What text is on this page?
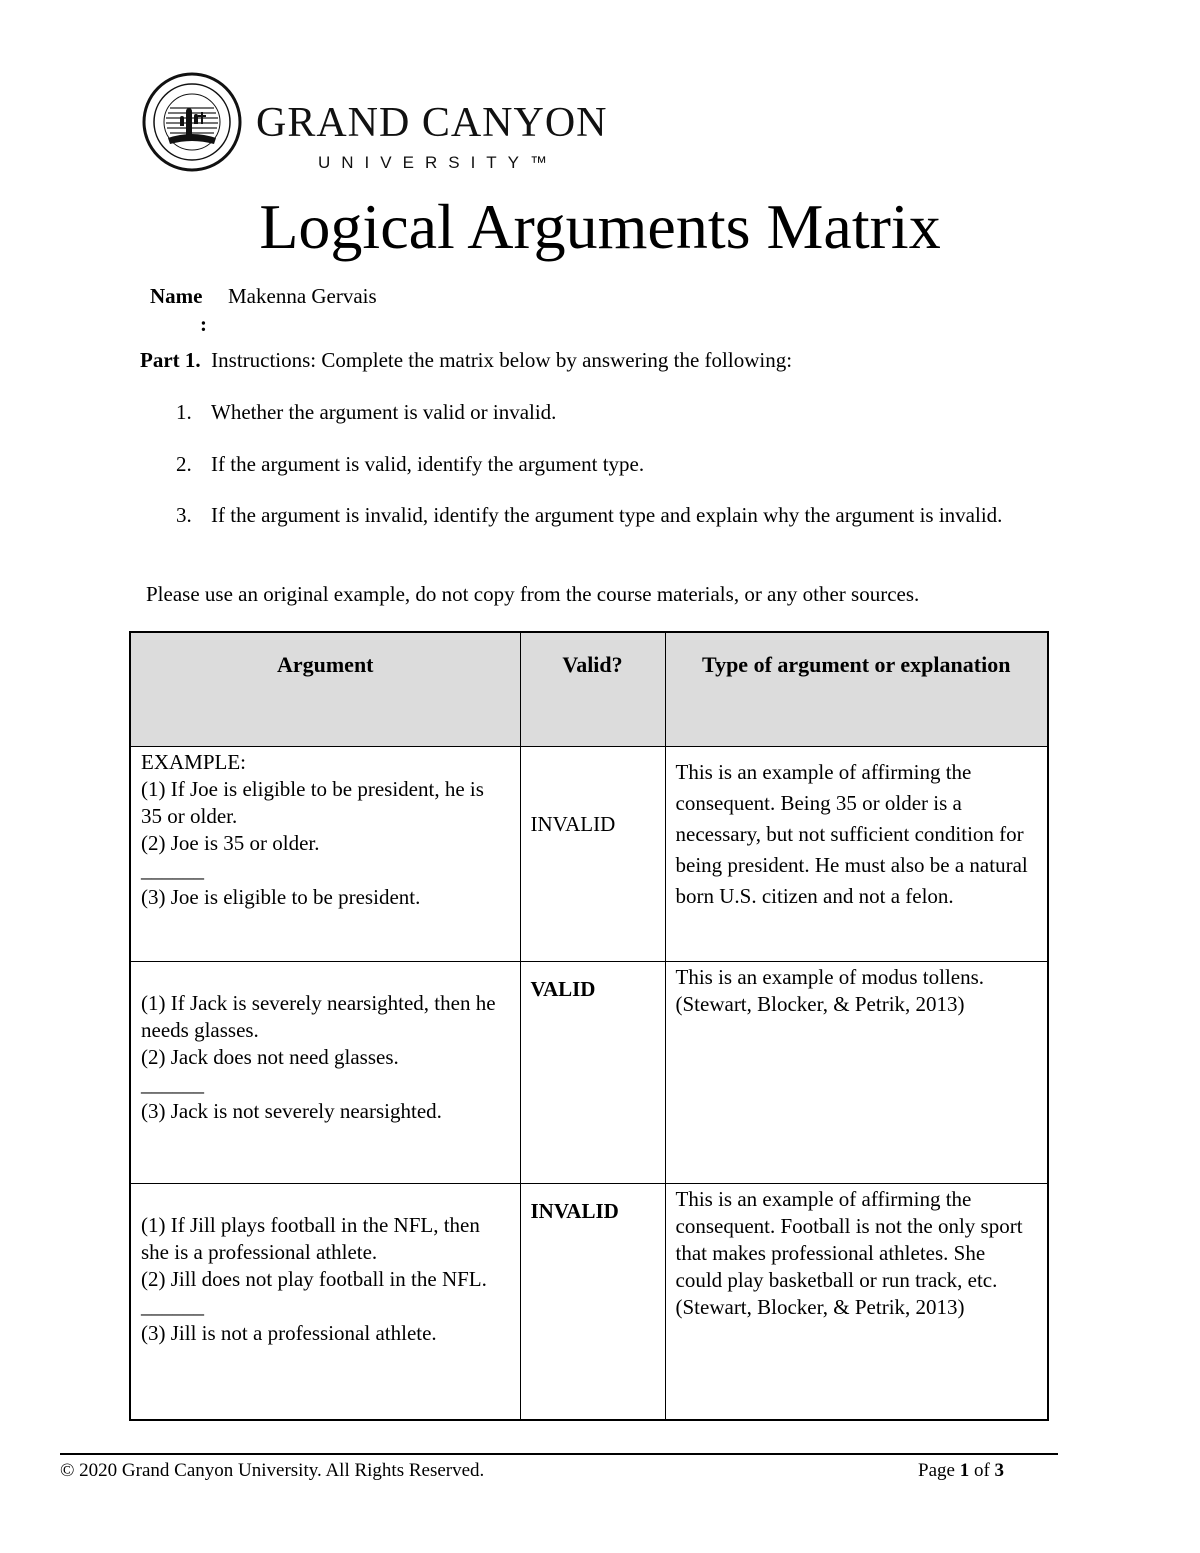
GRAND CANYON
UNIVERSITY™
Logical Arguments Matrix
Name
:
Makenna Gervais
Part 1. Instructions: Complete the matrix below by answering the following:
1. Whether the argument is valid or invalid.
2. If the argument is valid, identify the argument type.
3. If the argument is invalid, identify the argument type and explain why the argument is invalid.
Please use an original example, do not copy from the course materials, or any other sources.
Argument	Valid?	Type of argument or explanation

EXAMPLE:
(1) If Joe is eligible to be president, he is 35 or older.
(2) Joe is 35 or older.
______
(3) Joe is eligible to be president.	INVALID	This is an example of affirming the consequent. Being 35 or older is a necessary, but not sufficient condition for being president. He must also be a natural born U.S. citizen and not a felon.

(1) If Jack is severely nearsighted, then he needs glasses.
(2) Jack does not need glasses.
______
(3) Jack is not severely nearsighted.	VALID	This is an example of modus tollens. (Stewart, Blocker, & Petrik, 2013)

(1) If Jill plays football in the NFL, then she is a professional athlete.
(2) Jill does not play football in the NFL.
______
(3) Jill is not a professional athlete.	INVALID	This is an example of affirming the consequent. Football is not the only sport that makes professional athletes. She could play basketball or run track, etc. (Stewart, Blocker, & Petrik, 2013)
© 2020 Grand Canyon University. All Rights Reserved.	Page 1 of 3
